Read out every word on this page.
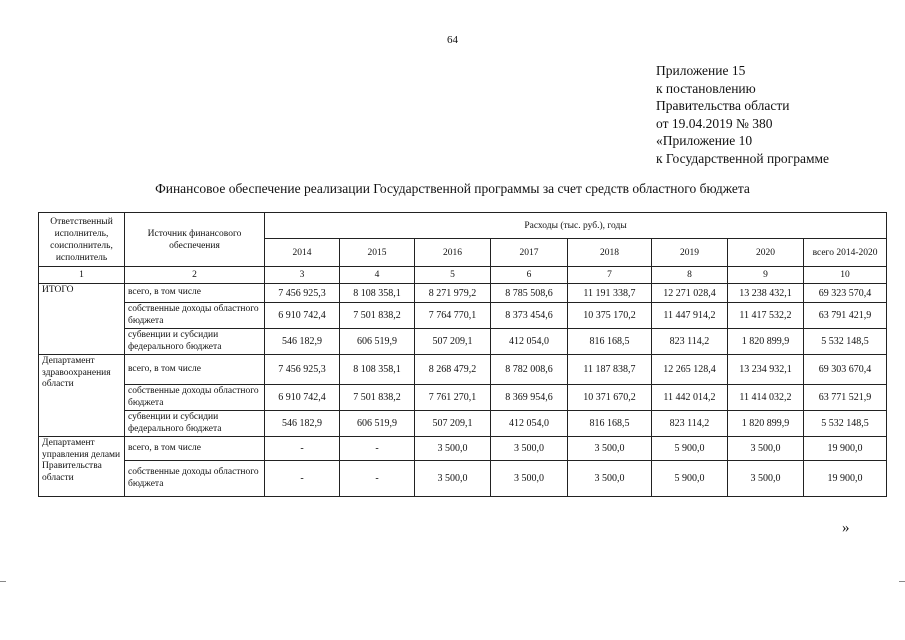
64
Приложение 15
к постановлению
Правительства области
от 19.04.2019 № 380
«Приложение 10
к Государственной программе
Финансовое обеспечение реализации Государственной программы за счет средств областного бюджета
Ответственный исполнитель, соисполнитель, исполнитель	Источник финансового обеспечения	Расходы (тыс. руб.), годы							
		2014	2015	2016	2017	2018	2019	2020	всего 2014-2020
1	2	3	4	5	6	7	8	9	10
ИТОГО	всего, в том числе	7 456 925,3	8 108 358,1	8 271 979,2	8 785 508,6	11 191 338,7	12 271 028,4	13 238 432,1	69 323 570,4
	собственные доходы областного бюджета	6 910 742,4	7 501 838,2	7 764 770,1	8 373 454,6	10 375 170,2	11 447 914,2	11 417 532,2	63 791 421,9
	субвенции и субсидии федерального бюджета	546 182,9	606 519,9	507 209,1	412 054,0	816 168,5	823 114,2	1 820 899,9	5 532 148,5
Департамент здравоохранения области	всего, в том числе	7 456 925,3	8 108 358,1	8 268 479,2	8 782 008,6	11 187 838,7	12 265 128,4	13 234 932,1	69 303 670,4
	собственные доходы областного бюджета	6 910 742,4	7 501 838,2	7 761 270,1	8 369 954,6	10 371 670,2	11 442 014,2	11 414 032,2	63 771 521,9
	субвенции и субсидии федерального бюджета	546 182,9	606 519,9	507 209,1	412 054,0	816 168,5	823 114,2	1 820 899,9	5 532 148,5
Департамент управления делами Правительства области	всего, в том числе	-	-	3 500,0	3 500,0	3 500,0	5 900,0	3 500,0	19 900,0
	собственные доходы областного бюджета	-	-	3 500,0	3 500,0	3 500,0	5 900,0	3 500,0	19 900,0
»
